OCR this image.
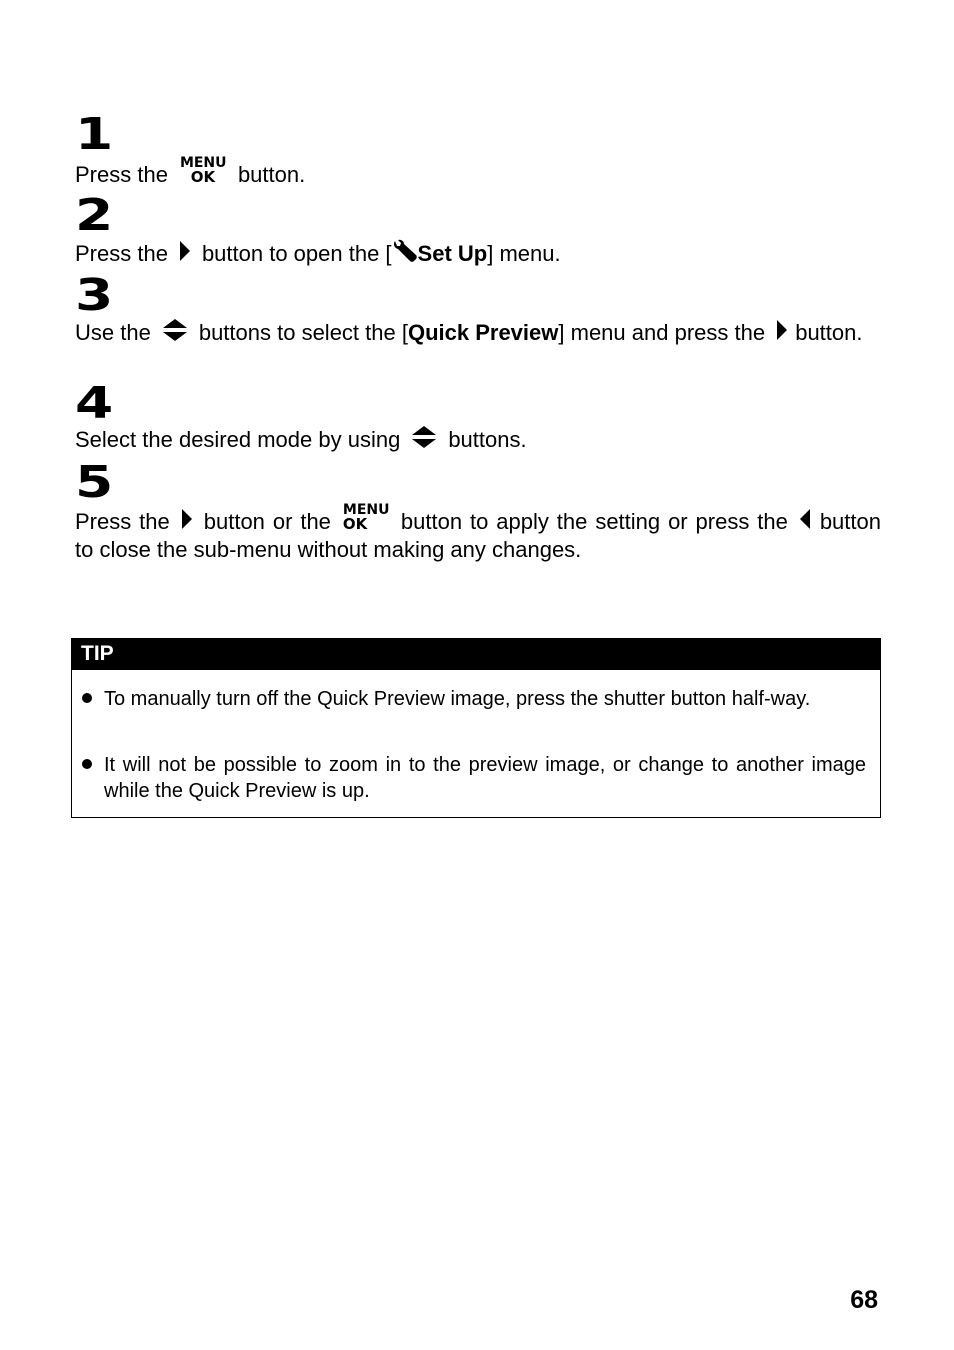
1
Press the MENU
OK	button.
2
Press the button to open the [ Set Up] menu.
3
Use the buttons to select the [Quick Preview] menu and press the button.
4
Select the desired mode by using buttons.
5
Press the button or the MENU
OK	button to apply the setting or press the button to close the sub-menu without making any changes.
TIP
To manually turn off the Quick Preview image, press the shutter button half-way.
It will not be possible to zoom in to the preview image, or change to another image while the Quick Preview is up.
68
